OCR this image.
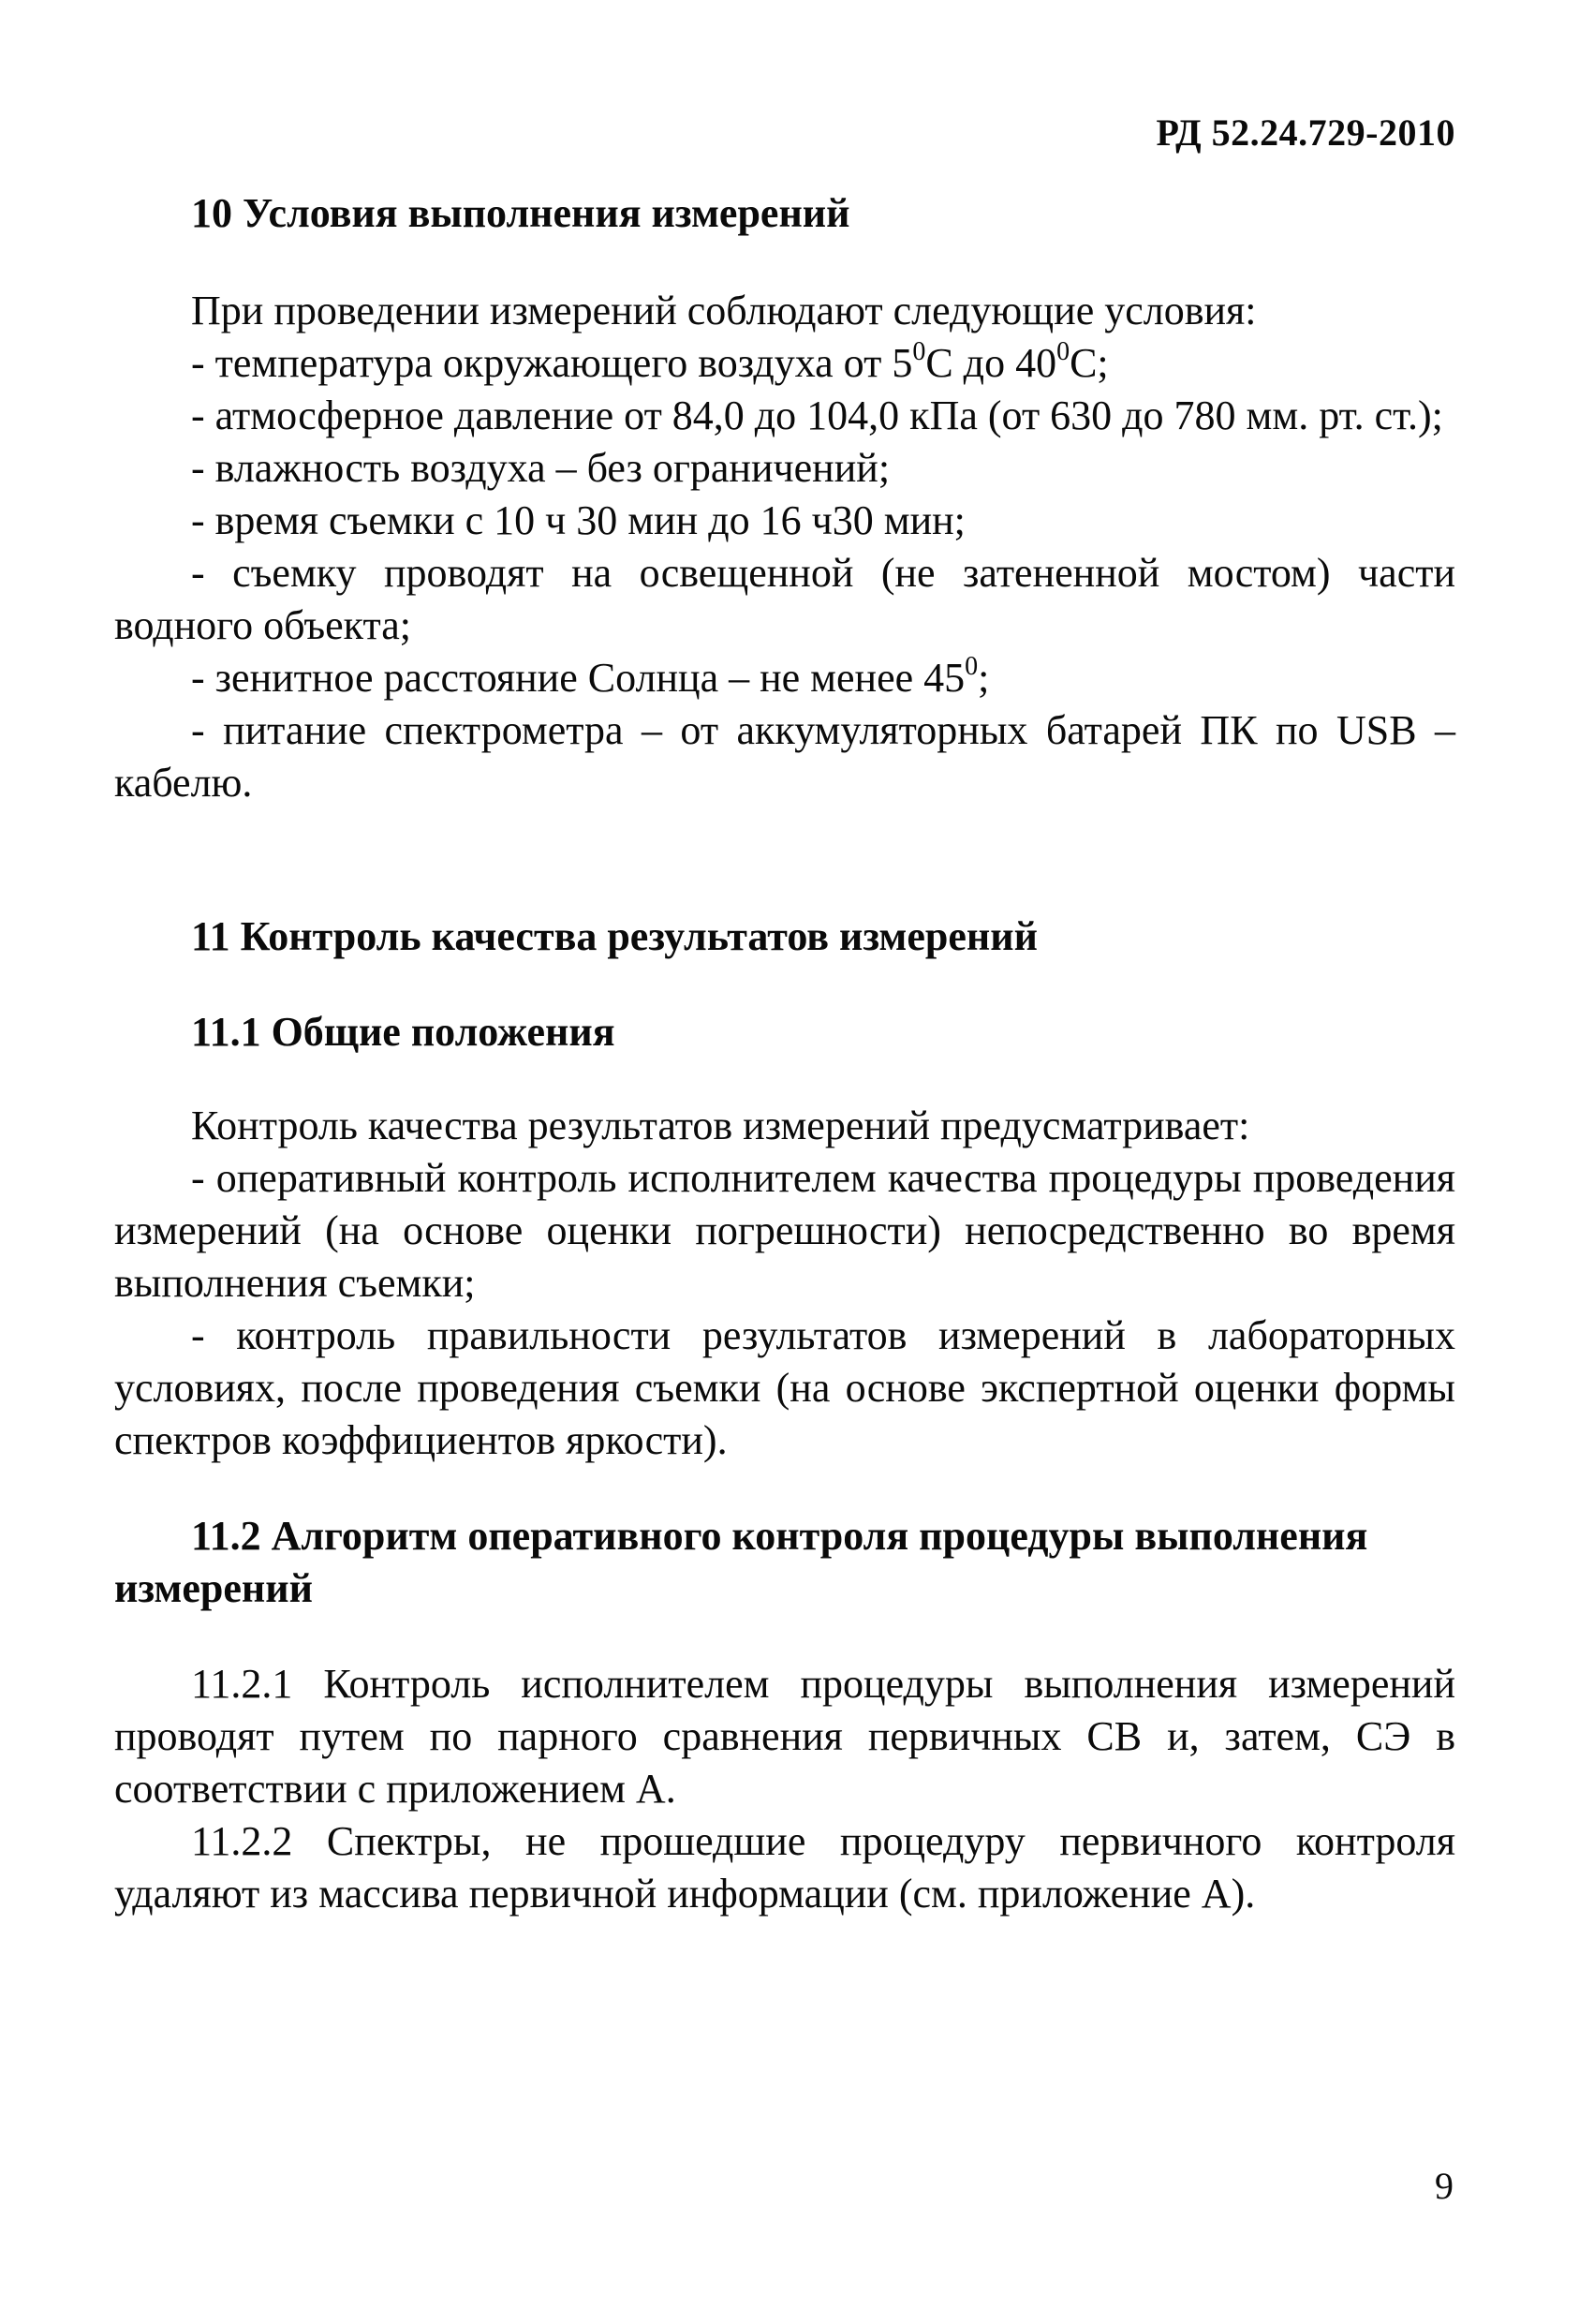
РД 52.24.729-2010

10 Условия выполнения измерений

При проведении измерений соблюдают следующие условия:

- температура окружающего воздуха от $5^0С$ до $40^0С$;

- атмосферное давление от 84,0 до 104,0 кПа (от 630 до 780 мм. рт. ст.);

- влажность воздуха – без ограничений;

- время съемки с 10 ч 30 мин до 16 ч30 мин;

- съемку проводят на освещенной (не затененной мостом) части водного объекта;

- зенитное расстояние Солнца – не менее $45^0$;

- питание спектрометра – от аккумуляторных батарей ПК по USB – кабелю.

11 Контроль качества результатов измерений

11.1 Общие положения

Контроль качества результатов измерений предусматривает:

- оперативный контроль исполнителем качества процедуры проведения измерений (на основе оценки погрешности) непосредственно во время выполнения съемки;

- контроль правильности результатов измерений в лабораторных условиях, после проведения съемки (на основе экспертной оценки формы спектров коэффициентов яркости).

11.2 Алгоритм оперативного контроля процедуры выполнения измерений

11.2.1 Контроль исполнителем процедуры выполнения измерений проводят путем по парного сравнения первичных СВ и, затем, СЭ в соответствии с приложением А.

11.2.2 Спектры, не прошедшие процедуру первичного контроля удаляют из массива первичной информации (см. приложение А).

9
